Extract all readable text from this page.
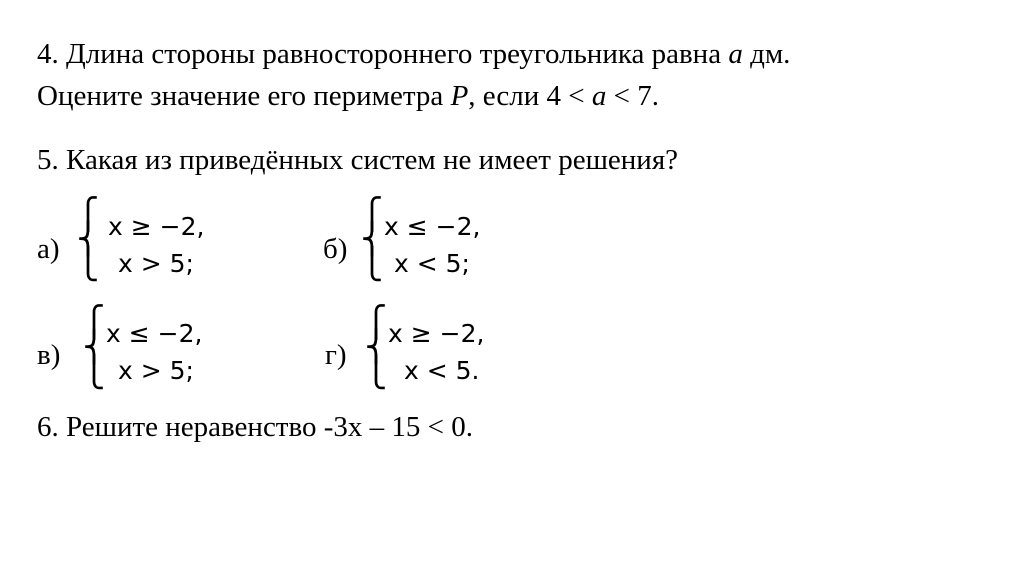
4. Длина стороны равностороннего треугольника равна a дм.
Оцените значение его периметра P, если 4 < a < 7.
5. Какая из приведённых систем не имеет решения?
а)
⎧
⎨
⎩
x ≥ −2,
x > 5;	б)
⎧
⎨
⎩
x ≤ −2,
x < 5;
в)
⎧
⎨
⎩
x ≤ −2,
x > 5;	г)
⎧
⎨
⎩
x ≥ −2,
x < 5.
6. Решите неравенство -3x – 15 < 0.
